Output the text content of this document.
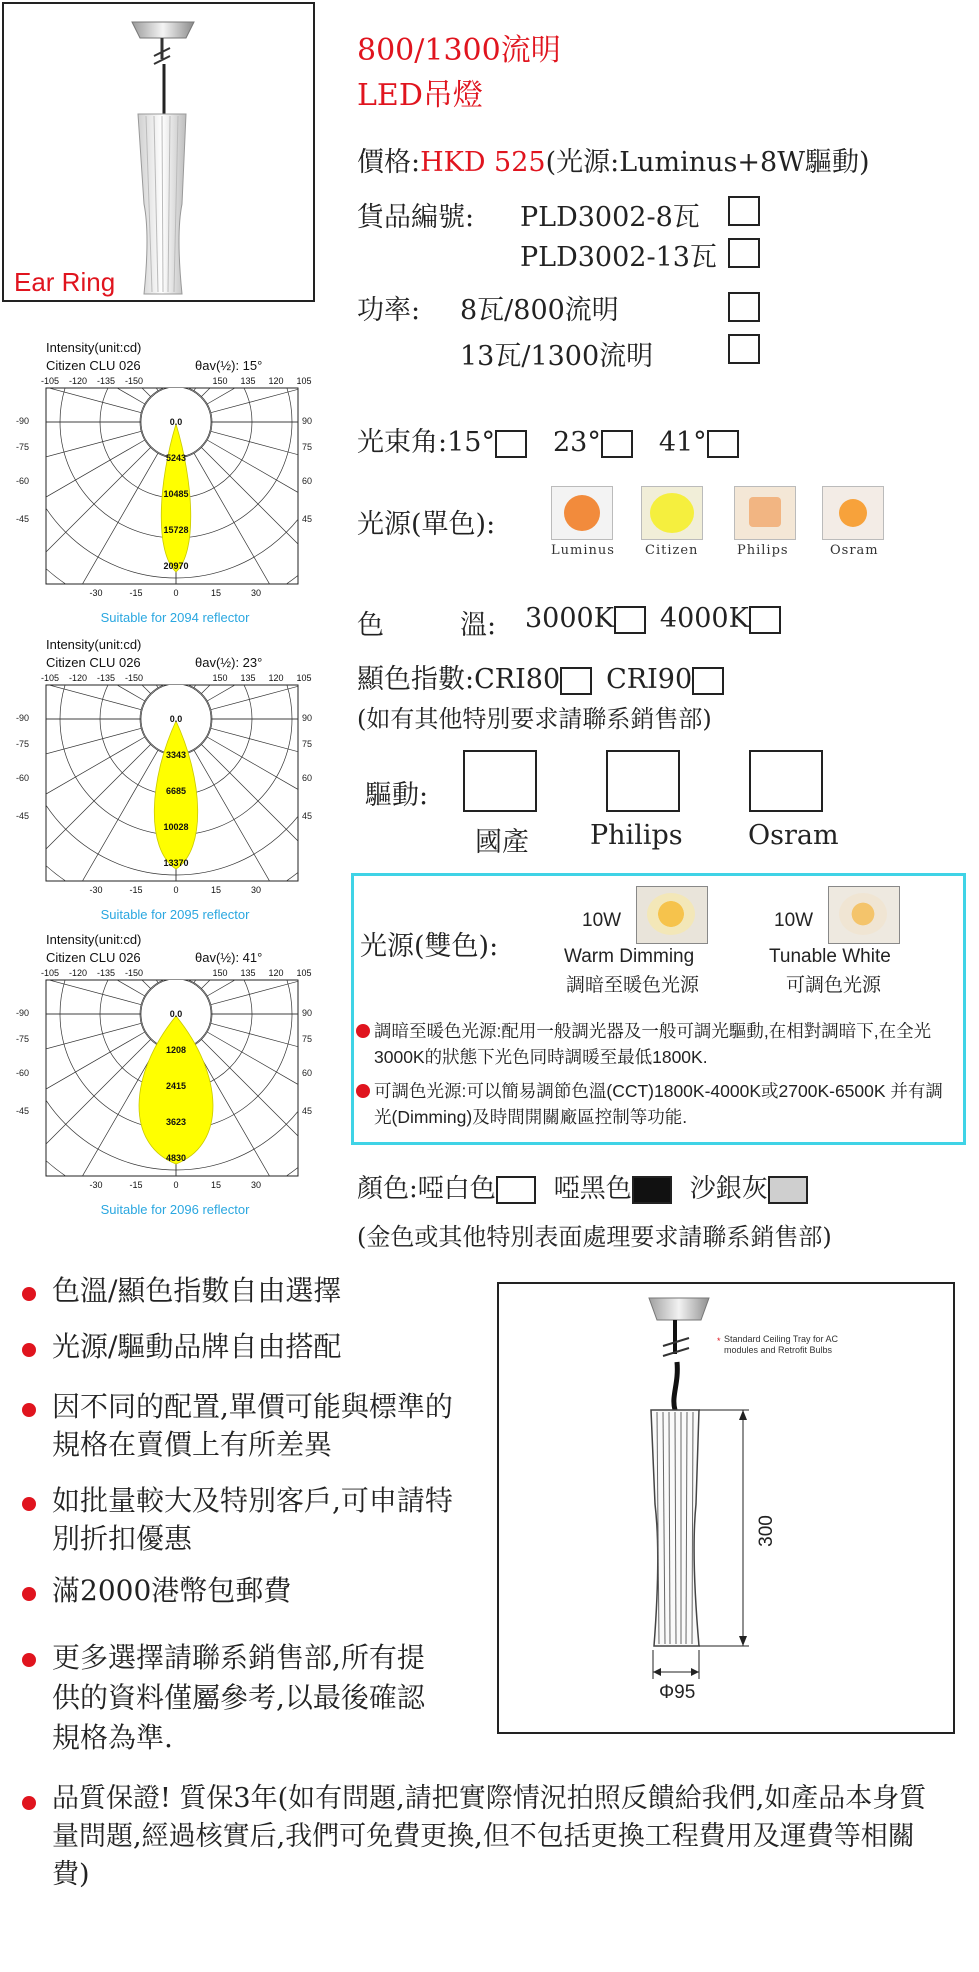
Ear Ring
800/1300流明
LED吊燈
價格:HKD 525(光源:Luminus+8W驅動)
貨品編號: PLD3002-8瓦
PLD3002-13瓦
功率: 8瓦/800流明
13瓦/1300流明
光束角:15° 23° 41°
光源(單色):
Luminus Citizen	Philips	Osram
色	溫: 3000K 4000K
顯色指數:CRI80 CRI90
(如有其他特別要求請聯系銷售部)
驅動:
國產 Philips Osram
光源(雙色):
10W
Warm Dimming
調暗至暖色光源
10W
Tunable White
可調色光源
調暗至暖色光源:配用一般調光器及一般可調光驅動,在相對調暗下,在全光3000K的狀態下光色同時調暖至最低1800K.
可調色光源:可以簡易調節色溫(CCT)1800K-4000K或2700K-6500K 并有調光(Dimming)及時間開關廠區控制等功能.
顏色:啞白色 啞黑色 沙銀灰
(金色或其他特別表面處理要求請聯系銷售部)
Intensity(unit:cd)
Citizen CLU 026	θav(½): 15°
-105 -120 -135 -150	150 135 120 105
0.0
5243
10485
15728
20970
-30	-15	0	15	30
-90
-75
-60
-45
90
75
60
45
Suitable for 2094 reflector
Intensity(unit:cd)
Citizen CLU 026	θav(½): 23°
-105 -120 -135 -150	150 135 120 105
0.0
3343
6685
10028
13370
-30	-15	0	15	30
-90
-75
-60
-45
90
75
60
45
Suitable for 2095 reflector
Intensity(unit:cd)
Citizen CLU 026	θav(½): 41°
-105 -120 -135 -150	150 135 120 105
0.0
1208
2415
3623
4830
-30	-15	0	15	30
-90
-75
-60
-45
90
75
60
45
Suitable for 2096 reflector
色溫/顯色指數自由選擇
光源/驅動品牌自由搭配
因不同的配置,單價可能與標準的規格在賣價上有所差異
如批量較大及特別客戶,可申請特別折扣優惠
滿2000港幣包郵費
更多選擇請聯系銷售部,所有提供的資料僅屬參考,以最後確認規格為準.
* Standard Ceiling Tray for AC modules and Retrofit Bulbs
300
Φ95
品質保證! 質保3年(如有問題,請把實際情況拍照反饋給我們,如產品本身質量問題,經過核實后,我們可免費更換,但不包括更換工程費用及運費等相關費)
